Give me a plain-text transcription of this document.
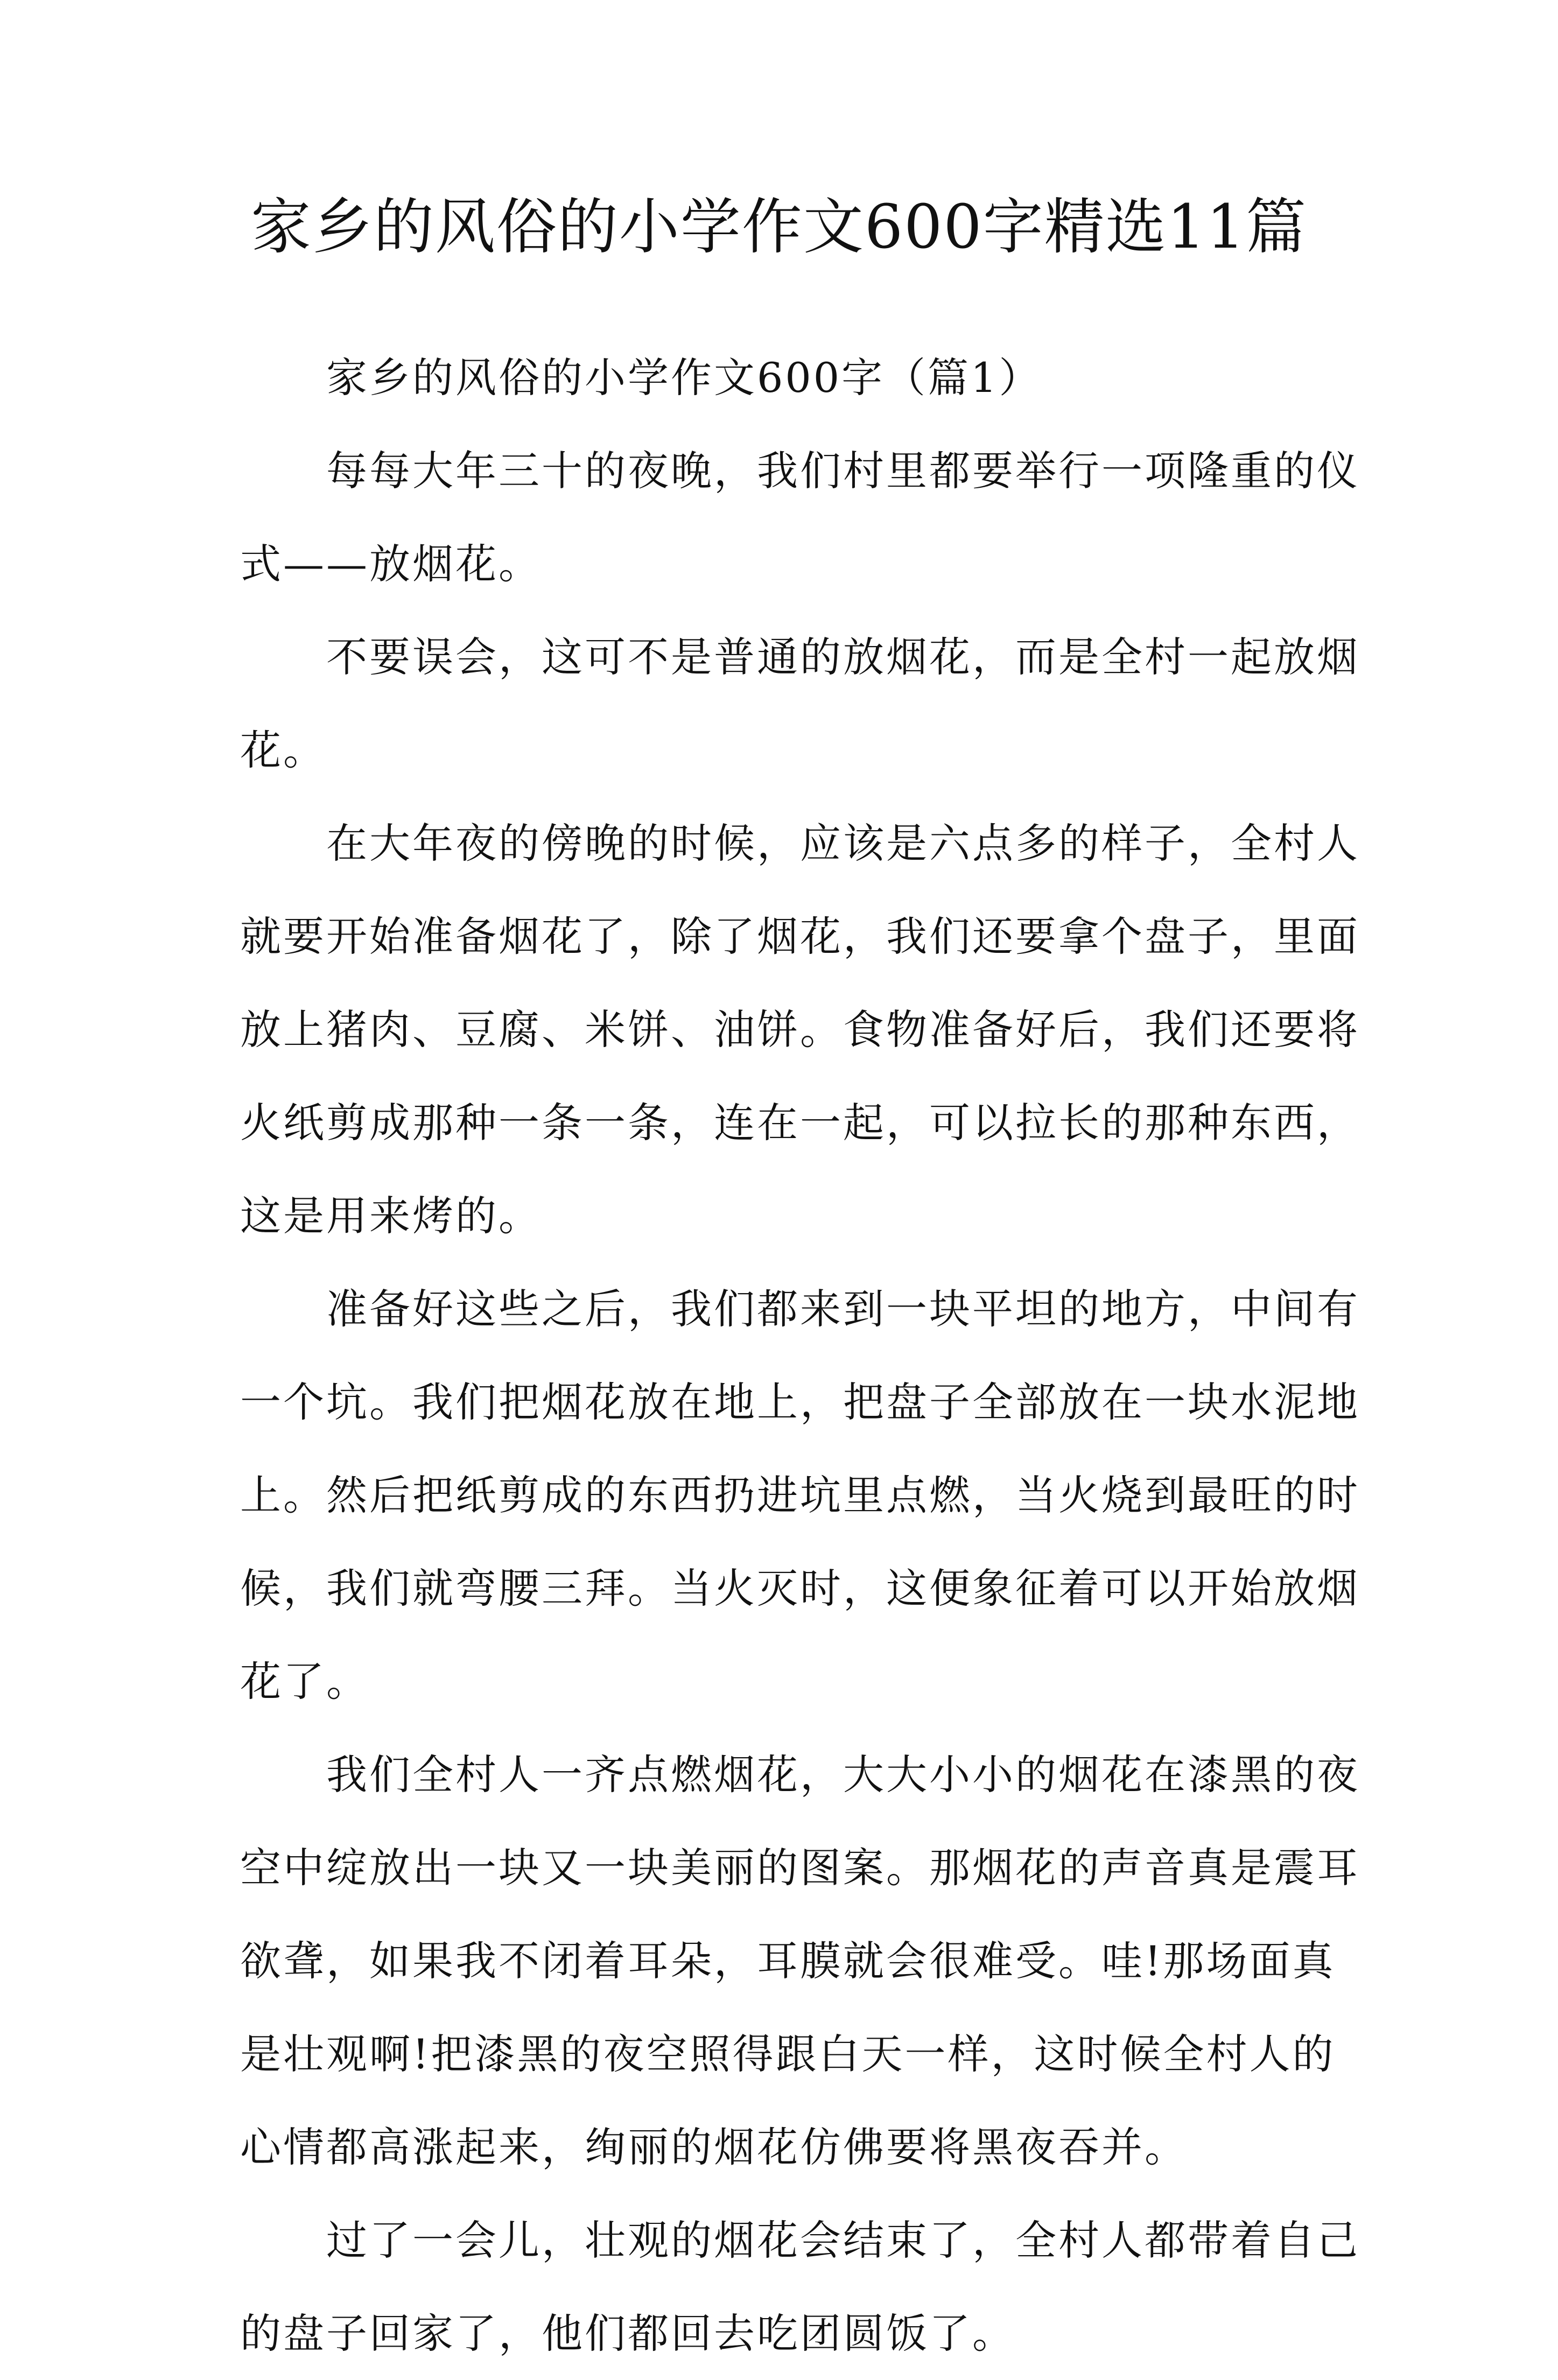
家乡的风俗的小学作文600字精选11篇
家乡的风俗的小学作文600字（篇1）
每每大年三十的夜晚，我们村里都要举行一项隆重的仪
式——放烟花。
不要误会，这可不是普通的放烟花，而是全村一起放烟
花。
在大年夜的傍晚的时候，应该是六点多的样子，全村人
就要开始准备烟花了，除了烟花，我们还要拿个盘子，里面
放上猪肉、豆腐、米饼、油饼。食物准备好后，我们还要将
火纸剪成那种一条一条，连在一起，可以拉长的那种东西，
这是用来烤的。
准备好这些之后，我们都来到一块平坦的地方，中间有
一个坑。我们把烟花放在地上，把盘子全部放在一块水泥地
上。然后把纸剪成的东西扔进坑里点燃，当火烧到最旺的时
候，我们就弯腰三拜。当火灭时，这便象征着可以开始放烟
花了。
我们全村人一齐点燃烟花，大大小小的烟花在漆黑的夜
空中绽放出一块又一块美丽的图案。那烟花的声音真是震耳
欲聋，如果我不闭着耳朵，耳膜就会很难受。哇!那场面真
是壮观啊!把漆黑的夜空照得跟白天一样，这时候全村人的
心情都高涨起来，绚丽的烟花仿佛要将黑夜吞并。
过了一会儿，壮观的烟花会结束了，全村人都带着自己
的盘子回家了，他们都回去吃团圆饭了。
